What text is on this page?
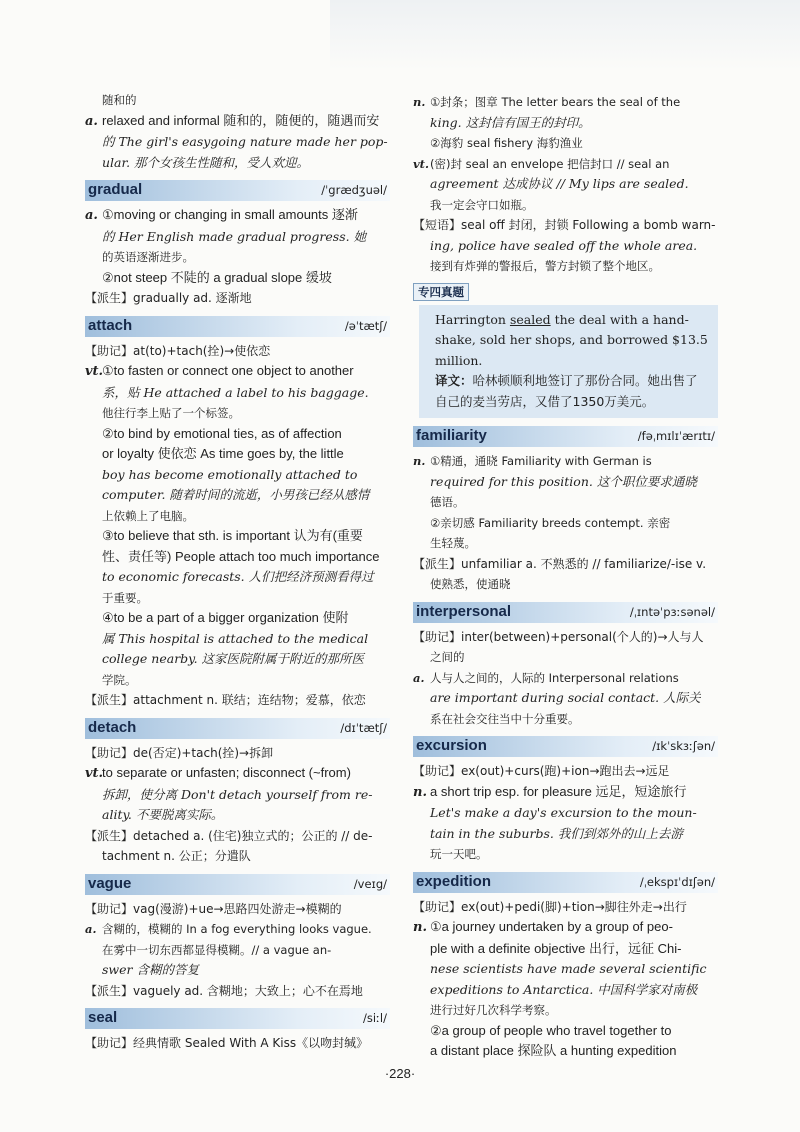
随和的
a. relaxed and informal 随和的，随便的，随遇而安
的 The girl's easygoing nature made her pop-
ular. 那个女孩生性随和，受人欢迎。
gradual	/ˈgrædʒuəl/
a. ①moving or changing in small amounts 逐渐
的 Her English made gradual progress. 她
的英语逐渐进步。
②not steep 不陡的 a gradual slope 缓坡
【派生】gradually ad. 逐渐地
attach	/əˈtætʃ/
【助记】at(to)+tach(拴)→使依恋
vt.①to fasten or connect one object to another
系，贴 He attached a label to his baggage.
他往行李上贴了一个标签。
②to bind by emotional ties, as of affection
or loyalty 使依恋 As time goes by, the little
boy has become emotionally attached to
computer. 随着时间的流逝，小男孩已经从感情
上依赖上了电脑。
③to believe that sth. is important 认为有(重要
性、责任等) People attach too much importance
to economic forecasts. 人们把经济预测看得过
于重要。
④to be a part of a bigger organization 使附
属 This hospital is attached to the medical
college nearby. 这家医院附属于附近的那所医
学院。
【派生】attachment n. 联结；连结物；爱慕，依恋
detach	/dɪˈtætʃ/
【助记】de(否定)+tach(拴)→拆卸
vt.to separate or unfasten; disconnect (~from)
拆卸，使分离 Don't detach yourself from re-
ality. 不要脱离实际。
【派生】detached a. (住宅)独立式的；公正的 // de-
tachment n. 公正；分遣队
vague	/veɪg/
【助记】vag(漫游)+ue→思路四处游走→模糊的
a. 含糊的，模糊的 In a fog everything looks vague.
在雾中一切东西都显得模糊。// a vague an-
swer 含糊的答复
【派生】vaguely ad. 含糊地；大致上；心不在焉地
seal	/siːl/
【助记】经典情歌 Sealed With A Kiss《以吻封缄》
n. ①封条；图章 The letter bears the seal of the
king. 这封信有国王的封印。
②海豹 seal fishery 海豹渔业
vt.(密)封 seal an envelope 把信封口 // seal an
agreement 达成协议 // My lips are sealed.
我一定会守口如瓶。
【短语】seal off 封闭，封锁 Following a bomb warn-
ing, police have sealed off the whole area.
接到有炸弹的警报后，警方封锁了整个地区。
专四真题
Harrington sealed the deal with a hand-
shake, sold her shops, and borrowed $13.5
million.
译文：哈林顿顺利地签订了那份合同。她出售了
自己的麦当劳店，又借了1350万美元。
familiarity	/fəˌmɪlɪˈærɪtɪ/
n. ①精通，通晓 Familiarity with German is
required for this position. 这个职位要求通晓
德语。
②亲切感 Familiarity breeds contempt. 亲密
生轻蔑。
【派生】unfamiliar a. 不熟悉的 // familiarize/-ise v.
使熟悉，使通晓
interpersonal	/ˌɪntəˈpɜːsənəl/
【助记】inter(between)+personal(个人的)→人与人
之间的
a. 人与人之间的，人际的 Interpersonal relations
are important during social contact. 人际关
系在社会交往当中十分重要。
excursion	/ɪkˈskɜːʃən/
【助记】ex(out)+curs(跑)+ion→跑出去→远足
n. a short trip esp. for pleasure 远足，短途旅行
Let's make a day's excursion to the moun-
tain in the suburbs. 我们到郊外的山上去游
玩一天吧。
expedition	/ˌekspɪˈdɪʃən/
【助记】ex(out)+pedi(脚)+tion→脚往外走→出行
n. ①a journey undertaken by a group of peo-
ple with a definite objective 出行，远征 Chi-
nese scientists have made several scientific
expeditions to Antarctica. 中国科学家对南极
进行过好几次科学考察。
②a group of people who travel together to
a distant place 探险队 a hunting expedition
·228·
